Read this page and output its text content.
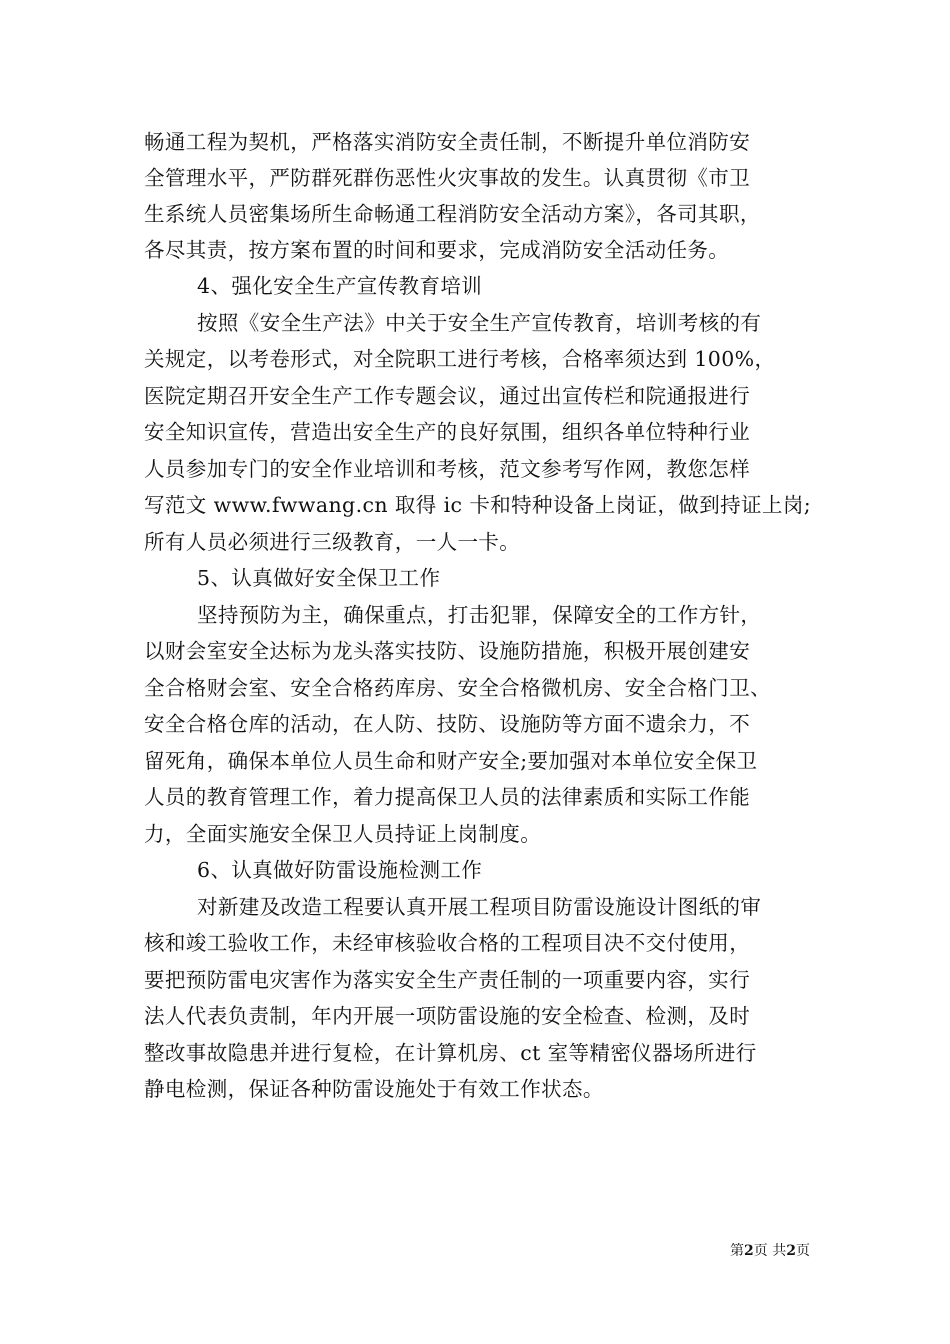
畅通工程为契机，严格落实消防安全责任制，不断提升单位消防安
全管理水平，严防群死群伤恶性火灾事故的发生。认真贯彻《市卫
生系统人员密集场所生命畅通工程消防安全活动方案》，各司其职，
各尽其责，按方案布置的时间和要求，完成消防安全活动任务。
4、强化安全生产宣传教育培训
按照《安全生产法》中关于安全生产宣传教育，培训考核的有
关规定，以考卷形式，对全院职工进行考核，合格率须达到 100%，
医院定期召开安全生产工作专题会议，通过出宣传栏和院通报进行
安全知识宣传，营造出安全生产的良好氛围，组织各单位特种行业
人员参加专门的安全作业培训和考核，范文参考写作网，教您怎样
写范文 www.fwwang.cn 取得 ic 卡和特种设备上岗证，做到持证上岗;
所有人员必须进行三级教育，一人一卡。
5、认真做好安全保卫工作
坚持预防为主，确保重点，打击犯罪，保障安全的工作方针，
以财会室安全达标为龙头落实技防、设施防措施，积极开展创建安
全合格财会室、安全合格药库房、安全合格微机房、安全合格门卫、
安全合格仓库的活动，在人防、技防、设施防等方面不遗余力，不
留死角，确保本单位人员生命和财产安全;要加强对本单位安全保卫
人员的教育管理工作，着力提高保卫人员的法律素质和实际工作能
力，全面实施安全保卫人员持证上岗制度。
6、认真做好防雷设施检测工作
对新建及改造工程要认真开展工程项目防雷设施设计图纸的审
核和竣工验收工作，未经审核验收合格的工程项目决不交付使用，
要把预防雷电灾害作为落实安全生产责任制的一项重要内容，实行
法人代表负责制，年内开展一项防雷设施的安全检查、检测，及时
整改事故隐患并进行复检，在计算机房、ct 室等精密仪器场所进行
静电检测，保证各种防雷设施处于有效工作状态。
第2页 共2页
